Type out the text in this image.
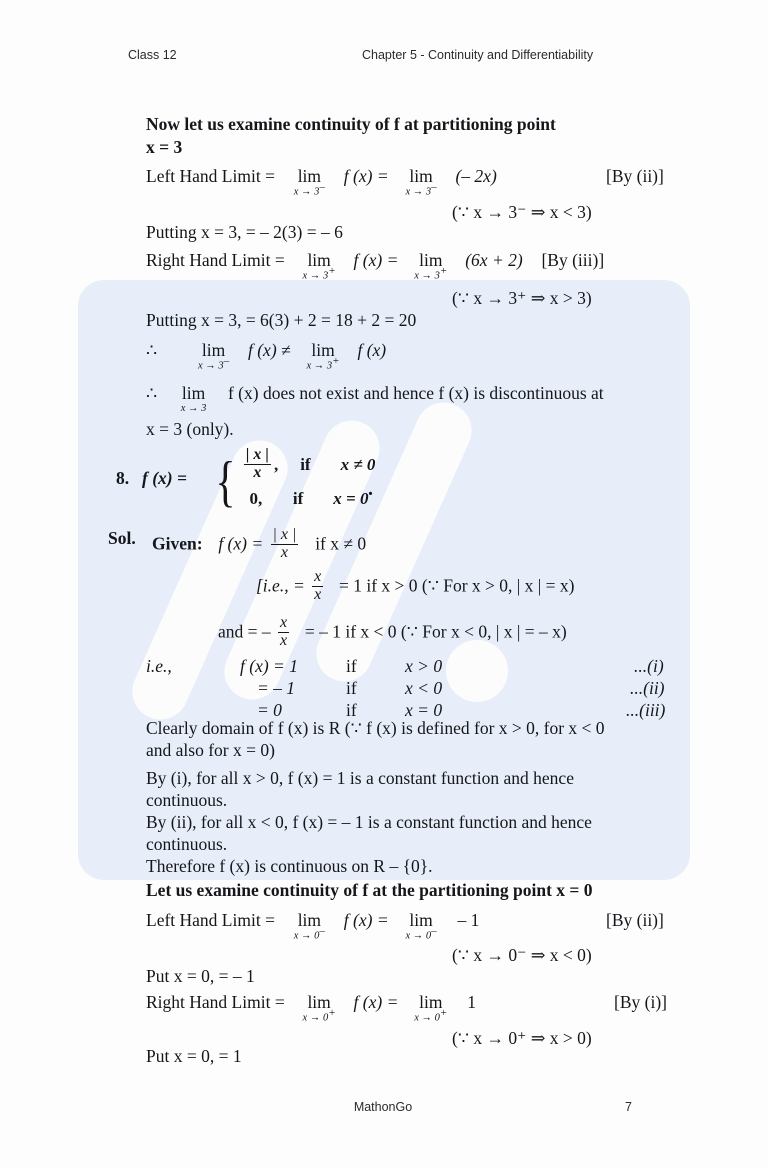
Class 12	Chapter 5 - Continuity and Differentiability
Now let us examine continuity of f at partitioning point
x = 3
Left Hand Limit = lim
x → 3–
f (x) = lim
x → 3–
(– 2x)	[By (ii)]
(∵ x → 3⁻ ⇒ x < 3)
Putting x = 3, = – 2(3) = – 6
Right Hand Limit = lim
x → 3+
f (x) = lim
x → 3+
(6x + 2) [By (iii)]
(∵ x → 3⁺ ⇒ x > 3)
Putting x = 3, = 6(3) + 2 = 18 + 2 = 20
∴	lim
x → 3–
f (x) ≠ lim
x → 3+
f (x)
∴ lim
x → 3
f (x) does not exist and hence f (x) is discontinuous at
x = 3 (only).
8. f (x) = { $\frac{| x |}{x}$ , if x ≠ 0
0,	if x = 0 .
Sol. Given: f $(x) = \frac{| x |}{x}$ if x ≠ 0
[i.e., = $\frac{x}{x} = 1$ if x > 0 (∵ For x > 0, | x | = x)
and = – $\frac{x}{x}$ = – 1 if x < 0 (∵ For x < 0, | x | = – x)
i.e.,	f (x) = 1	if	x > 0	...(i)
= – 1	if	x < 0	...(ii)
= 0	if	x = 0	...(iii)
Clearly domain of f (x) is R (∵ f (x) is defined for x > 0, for x < 0
and also for x = 0)
By (i), for all x > 0, f (x) = 1 is a constant function and hence
continuous.
By (ii), for all x < 0, f (x) = – 1 is a constant function and hence
continuous.
Therefore f (x) is continuous on R – {0}.
Let us examine continuity of f at the partitioning point x = 0
Left Hand Limit = lim
x → 0–
f (x) = lim
x → 0–
– 1	[By (ii)]
(∵ x → 0⁻ ⇒ x < 0)
Put x = 0, = – 1
Right Hand Limit = lim
x → 0+
f (x) = lim
x → 0+
1	[By (i)]
(∵ x → 0⁺ ⇒ x > 0)
Put x = 0, = 1
MathonGo	7
